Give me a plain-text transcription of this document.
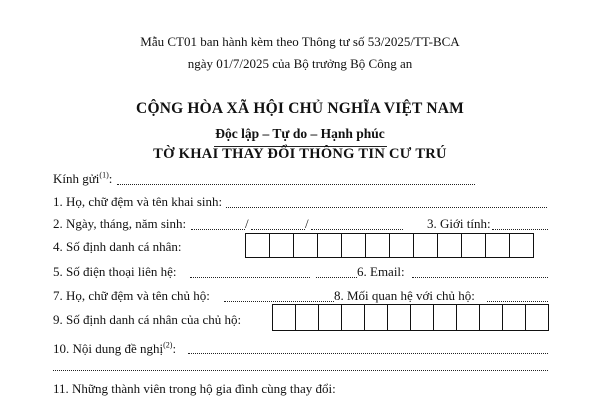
Mẫu CT01 ban hành kèm theo Thông tư số 53/2025/TT-BCA
ngày 01/7/2025 của Bộ trưởng Bộ Công an
CỘNG HÒA XÃ HỘI CHỦ NGHĨA VIỆT NAM
Độc lập – Tự do – Hạnh phúc
TỜ KHAI THAY ĐỔI THÔNG TIN CƯ TRÚ
Kính gửi$^{(1)}$:
1. Họ, chữ đệm và tên khai sinh:
2. Ngày, tháng, năm sinh:	/	/	3. Giới tính:
4. Số định danh cá nhân:
5. Số điện thoại liên hệ:	6. Email:
7. Họ, chữ đệm và tên chủ hộ:	8. Mối quan hệ với chủ hộ:
9. Số định danh cá nhân của chủ hộ:
10. Nội dung đề nghị$^{(2)}$:
11. Những thành viên trong hộ gia đình cùng thay đổi:
